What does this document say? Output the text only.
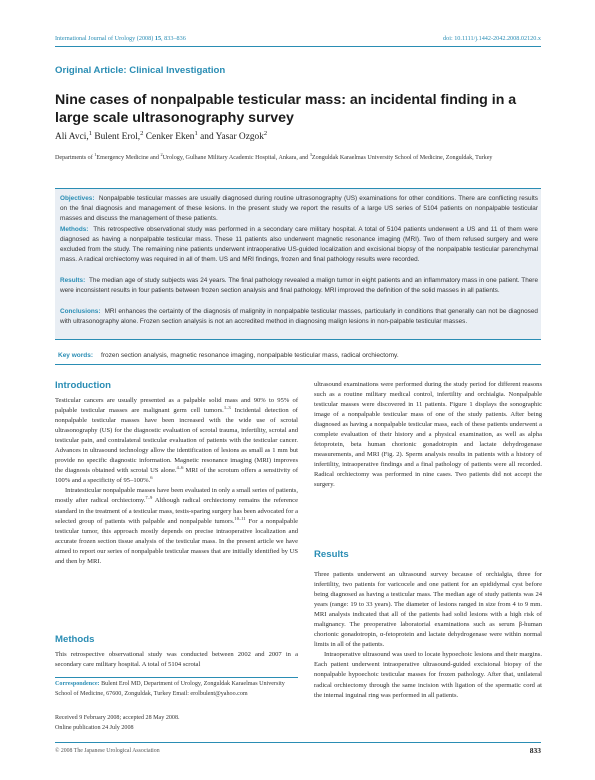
International Journal of Urology (2008) 15, 833–836	doi: 10.1111/j.1442-2042.2008.02120.x
Original Article: Clinical Investigation
Nine cases of nonpalpable testicular mass: an incidental finding in a large scale ultrasonography survey
Ali Avci,$^1$ Bulent Erol,$^2$ Cenker Eken$^1$ and Yasar Ozgok$^2$
Departments of $^1$Emergency Medicine and $^2$Urology, Gulhane Military Academic Hospital, Ankara, and $^3$Zonguldak Karaelmas University School of Medicine, Zonguldak, Turkey
Objectives: Nonpalpable testicular masses are usually diagnosed during routine ultrasonography (US) examinations for other conditions. There are conflicting results on the final diagnosis and management of these lesions. In the present study we report the results of a large US series of 5104 patients on nonpalpable testicular masses and discuss the management of these patients.
Methods: This retrospective observational study was performed in a secondary care military hospital. A total of 5104 patients underwent a US and 11 of them were diagnosed as having a nonpalpable testicular mass. These 11 patients also underwent magnetic resonance imaging (MRI). Two of them refused surgery and were excluded from the study. The remaining nine patients underwent intraoperative US-guided localization and excisional biopsy of the nonpalpable testicular parenchymal mass. A radical orchiectomy was required in all of them. US and MRI findings, frozen and final pathology results were recorded.
Results: The median age of study subjects was 24 years. The final pathology revealed a malign tumor in eight patients and an inflammatory mass in one patient. There were inconsistent results in four patients between frozen section analysis and final pathology. MRI improved the definition of the solid masses in all patients.
Conclusions: MRI enhances the certainty of the diagnosis of malignity in nonpalpable testicular masses, particularly in conditions that generally can not be diagnosed with ultrasonography alone. Frozen section analysis is not an accredited method in diagnosing malign lesions in non-palpable testicular masses.
Key words: frozen section analysis, magnetic resonance imaging, nonpalpable testicular mass, radical orchiectomy.
Introduction

Testicular cancers are usually presented as a palpable solid mass and 90% to 95% of palpable testicular masses are malignant germ cell tumors.$^{1-3}$ Incidental detection of nonpalpable testicular masses have been increased with the wide use of scrotal ultrasonography (US) for the diagnostic evaluation of scrotal trauma, infertility, scrotal and testicular pain, and contralateral testicular evaluation of patients with the testicular cancer. Advances in ultrasound technology allow the identification of lesions as small as 1 mm but provide no specific diagnostic information. Magnetic resonance imaging (MRI) improves the diagnosis obtained with scrotal US alone.$^{4-6}$ MRI of the scrotum offers a sensitivity of 100% and a specificity of 95–100%.$^6$

Intratesticular nonpalpable masses have been evaluated in only a small series of patients, mostly after radical orchiectomy.$^{7-9}$ Although radical orchiectomy remains the reference standard in the treatment of a testicular mass, testis-sparing surgery has been advocated for a selected group of patients with palpable and nonpalpable tumors.$^{10-11}$ For a nonpalpable testicular tumor, this approach mostly depends on precise intraoperative localization and accurate frozen section tissue analysis of the testicular mass. In the present article we have aimed to report our series of nonpalpable testicular masses that are initially identified by US and then by MRI.

Methods

This retrospective observational study was conducted between 2002 and 2007 in a secondary care military hospital. A total of 5104 scrotal

Correspondence: Bulent Erol MD, Department of Urology, Zonguldak Karaelmas University School of Medicine, 67600, Zonguldak, Turkey Email: erolbulent@yahoo.com
Received 9 February 2008; accepted 28 May 2008.
Online publication 24 July 2008

ultrasound examinations were performed during the study period for different reasons such as a routine military medical control, infertility and orchialgia. Nonpalpable testicular masses were discovered in 11 patients. Figure 1 displays the sonographic image of a nonpalpable testicular mass of one of the study patients. After being diagnosed as having a nonpalpable testicular mass, each of these patients underwent a complete evaluation of their history and a physical examination, as well as alpha fetoprotein, beta human chorionic gonadotropin and lactate dehydrogenase measurements, and MRI (Fig. 2). Sperm analysis results in patients with a history of infertility, intraoperative findings and a final pathology of patients were all recorded. Radical orchiectomy was performed in nine cases. Two patients did not accept the surgery.

Results

Three patients underwent an ultrasound survey because of orchialgia, three for infertility, two patients for varicocele and one patient for an epididymal cyst before being diagnosed as having a testicular mass. The median age of study patients was 24 years (range: 19 to 33 years). The diameter of lesions ranged in size from 4 to 9 mm. MRI analysis indicated that all of the patients had solid lesions with a high risk of malignancy. The preoperative laboratorial examinations such as serum β-human chorionic gonadotropin, α-fetoprotein and lactate dehydrogenase were within normal limits in all of the patients.

Intraoperative ultrasound was used to locate hypoechoic lesions and their margins. Each patient underwent intraoperative ultrasound-guided excisional biopsy of the nonpalpable hypoechoic testicular masses for frozen pathology. After that, unilateral radical orchiectomy through the same incision with ligation of the spermatic cord at the internal inguinal ring was performed in all patients.

© 2008 The Japanese Urological Association	833
